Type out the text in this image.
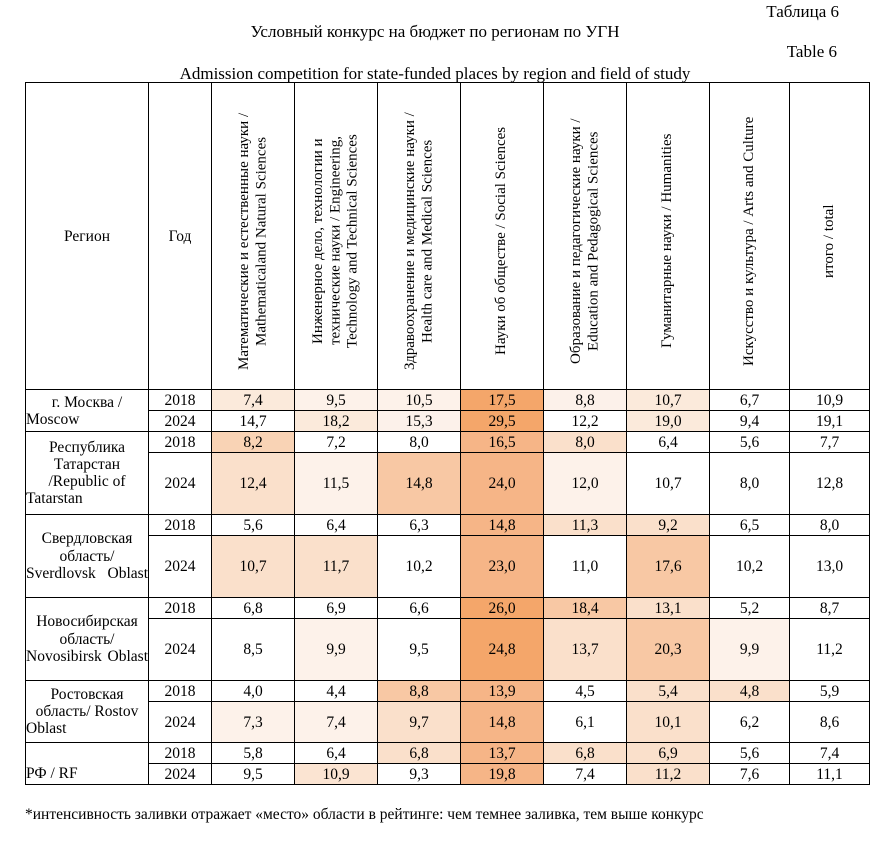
Таблица 6
Условный конкурс на бюджет по регионам по УГН
Table 6
Admission competition for state-funded places by region and field of study
Регион	Год	Математические и естественные науки / Mathematicaland Natural Sciences	Инженерное дело, технологии и технические науки / Engineering, Technology and Technical Sciences	Здравоохранение и медицинские науки / Health care and Medical Sciences	Науки об обществе / Social Sciences	Образование и педагогические науки / Education and Pedagogical Sciences	Гуманитарные науки / Humanities	Искусство и культура / Arts and Culture	итого / total
г. Москва / Moscow	2018	7,4	9,5	10,5	17,5	8,8	10,7	6,7	10,9
	2024	14,7	18,2	15,3	29,5	12,2	19,0	9,4	19,1
Республика Татарстан /Republic of Tatarstan	2018	8,2	7,2	8,0	16,5	8,0	6,4	5,6	7,7
	2024	12,4	11,5	14,8	24,0	12,0	10,7	8,0	12,8
Свердловская область/ Sverdlovsk Oblast	2018	5,6	6,4	6,3	14,8	11,3	9,2	6,5	8,0
	2024	10,7	11,7	10,2	23,0	11,0	17,6	10,2	13,0
Новосибирская область/ Novosibirsk Oblast	2018	6,8	6,9	6,6	26,0	18,4	13,1	5,2	8,7
	2024	8,5	9,9	9,5	24,8	13,7	20,3	9,9	11,2
Ростовская область/ Rostov Oblast	2018	4,0	4,4	8,8	13,9	4,5	5,4	4,8	5,9
	2024	7,3	7,4	9,7	14,8	6,1	10,1	6,2	8,6
РФ / RF	2018	5,8	6,4	6,8	13,7	6,8	6,9	5,6	7,4
	2024	9,5	10,9	9,3	19,8	7,4	11,2	7,6	11,1
*интенсивность заливки отражает «место» области в рейтинге: чем темнее заливка, тем выше конкурс
